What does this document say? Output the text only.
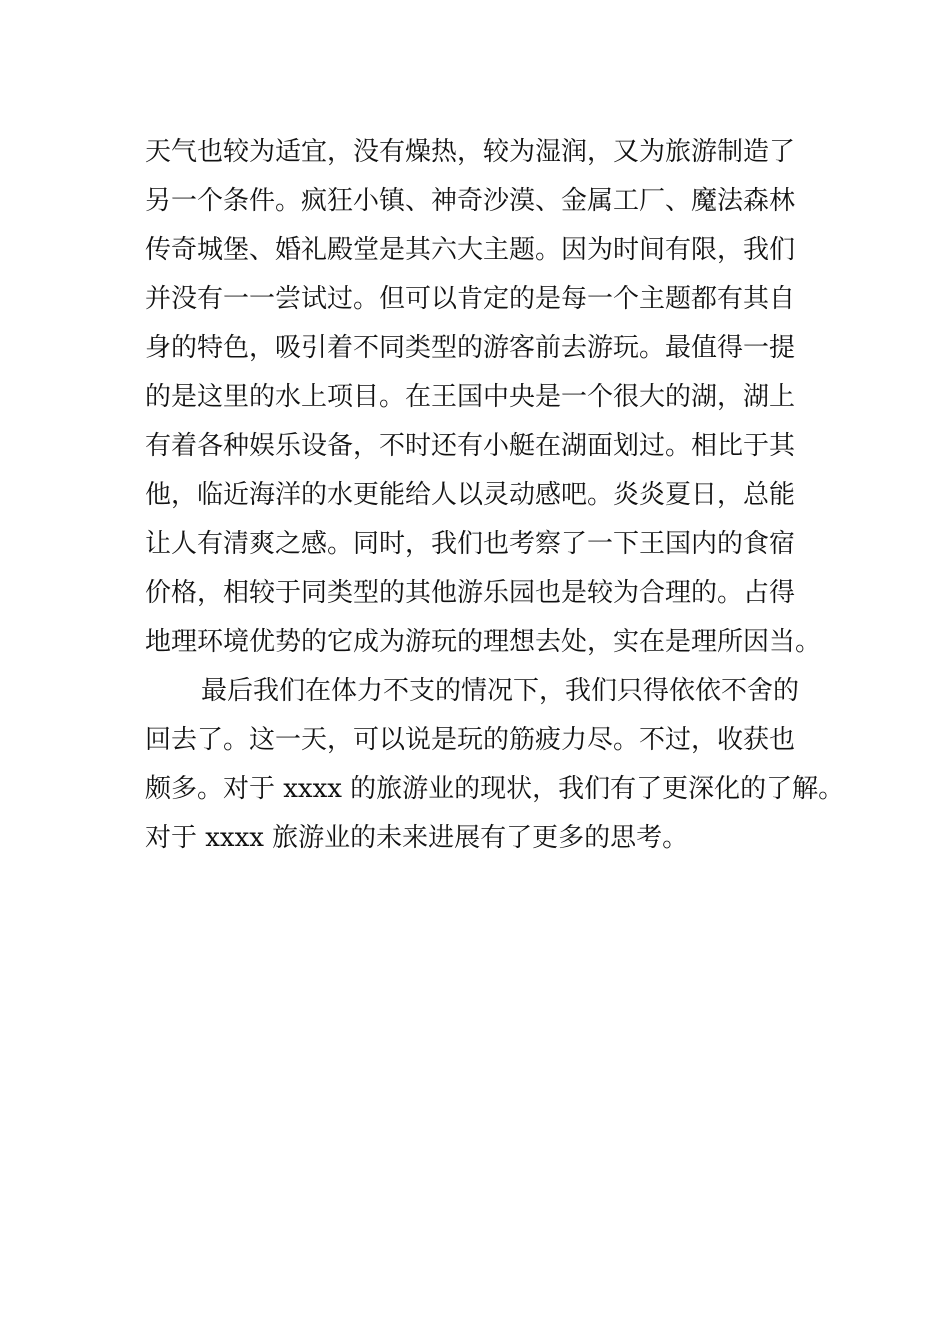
天气也较为适宜，没有燥热，较为湿润，又为旅游制造了
另一个条件。疯狂小镇、神奇沙漠、金属工厂、魔法森林
传奇城堡、婚礼殿堂是其六大主题。因为时间有限，我们
并没有一一尝试过。但可以肯定的是每一个主题都有其自
身的特色，吸引着不同类型的游客前去游玩。最值得一提
的是这里的水上项目。在王国中央是一个很大的湖，湖上
有着各种娱乐设备，不时还有小艇在湖面划过。相比于其
他，临近海洋的水更能给人以灵动感吧。炎炎夏日，总能
让人有清爽之感。同时，我们也考察了一下王国内的食宿
价格，相较于同类型的其他游乐园也是较为合理的。占得
地理环境优势的它成为游玩的理想去处，实在是理所因当。
最后我们在体力不支的情况下，我们只得依依不舍的
回去了。这一天，可以说是玩的筋疲力尽。不过，收获也
颇多。对于 xxxx 的旅游业的现状，我们有了更深化的了解。
对于 xxxx 旅游业的未来进展有了更多的思考。
